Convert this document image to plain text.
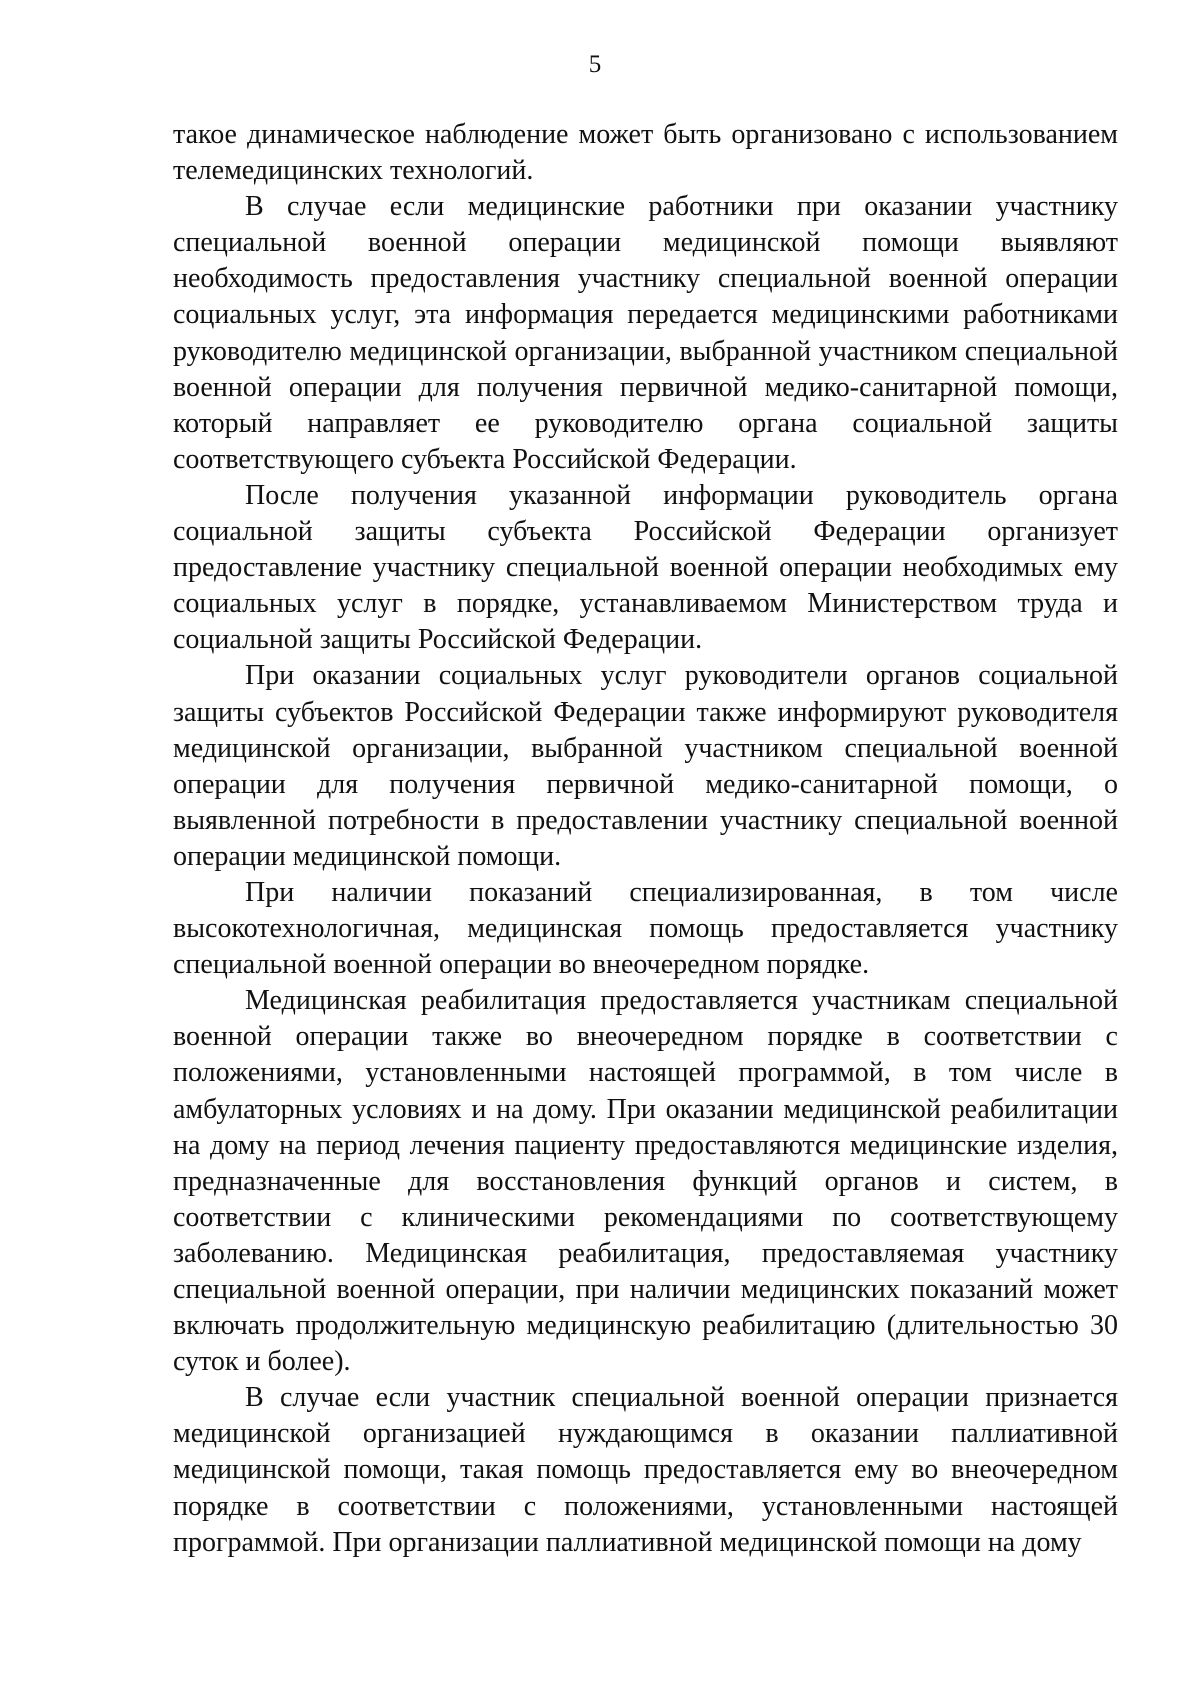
5

такое динамическое наблюдение может быть организовано с использованием телемедицинских технологий.

В случае если медицинские работники при оказании участнику специальной военной операции медицинской помощи выявляют необходимость предоставления участнику специальной военной операции социальных услуг, эта информация передается медицинскими работниками руководителю медицинской организации, выбранной участником специальной военной операции для получения первичной медико-санитарной помощи, который направляет ее руководителю органа социальной защиты соответствующего субъекта Российской Федерации.

После получения указанной информации руководитель органа социальной защиты субъекта Российской Федерации организует предоставление участнику специальной военной операции необходимых ему социальных услуг в порядке, устанавливаемом Министерством труда и социальной защиты Российской Федерации.

При оказании социальных услуг руководители органов социальной защиты субъектов Российской Федерации также информируют руководителя медицинской организации, выбранной участником специальной военной операции для получения первичной медико-санитарной помощи, о выявленной потребности в предоставлении участнику специальной военной операции медицинской помощи.

При наличии показаний специализированная, в том числе высокотехнологичная, медицинская помощь предоставляется участнику специальной военной операции во внеочередном порядке.

Медицинская реабилитация предоставляется участникам специальной военной операции также во внеочередном порядке в соответствии с положениями, установленными настоящей программой, в том числе в амбулаторных условиях и на дому. При оказании медицинской реабилитации на дому на период лечения пациенту предоставляются медицинские изделия, предназначенные для восстановления функций органов и систем, в соответствии с клиническими рекомендациями по соответствующему заболеванию. Медицинская реабилитация, предоставляемая участнику специальной военной операции, при наличии медицинских показаний может включать продолжительную медицинскую реабилитацию (длительностью 30 суток и более).

В случае если участник специальной военной операции признается медицинской организацией нуждающимся в оказании паллиативной медицинской помощи, такая помощь предоставляется ему во внеочередном порядке в соответствии с положениями, установленными настоящей программой. При организации паллиативной медицинской помощи на дому
